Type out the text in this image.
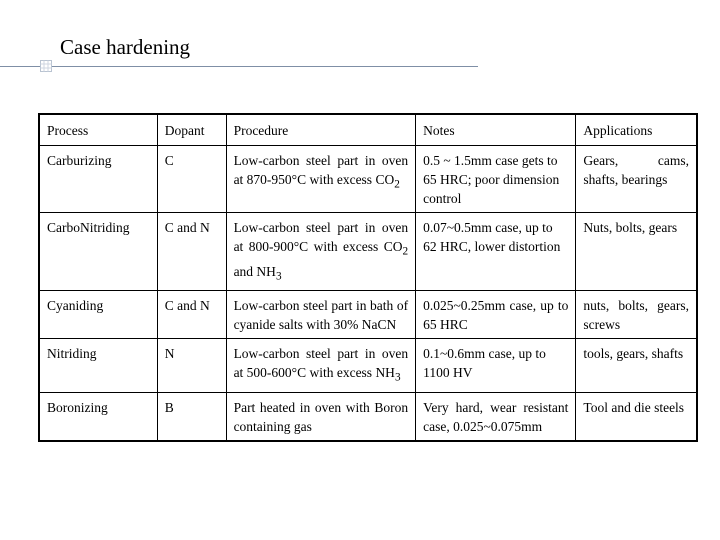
Case hardening
Process	Dopant	Procedure	Notes	Applications
Carburizing	C	Low-carbon steel part in oven at 870-950°C with excess $CO_2$	0.5 ~ 1.5mm case gets to 65 HRC; poor dimension control	Gears, cams, shafts, bearings
CarboNitriding	C and N	Low-carbon steel part in oven at 800-900°C with excess $CO_2$ and $NH_3$	0.07~0.5mm case, up to 62 HRC, lower distortion	Nuts, bolts, gears
Cyaniding	C and N	Low-carbon steel part in bath of cyanide salts with 30% NaCN	0.025~0.25mm case, up to 65 HRC	nuts, bolts, gears, screws
Nitriding	N	Low-carbon steel part in oven at 500-600°C with excess $NH_3$	0.1~0.6mm case, up to 1100 HV	tools, gears, shafts
Boronizing	B	Part heated in oven with Boron containing gas	Very hard, wear resistant case, 0.025~0.075mm	Tool and die steels
